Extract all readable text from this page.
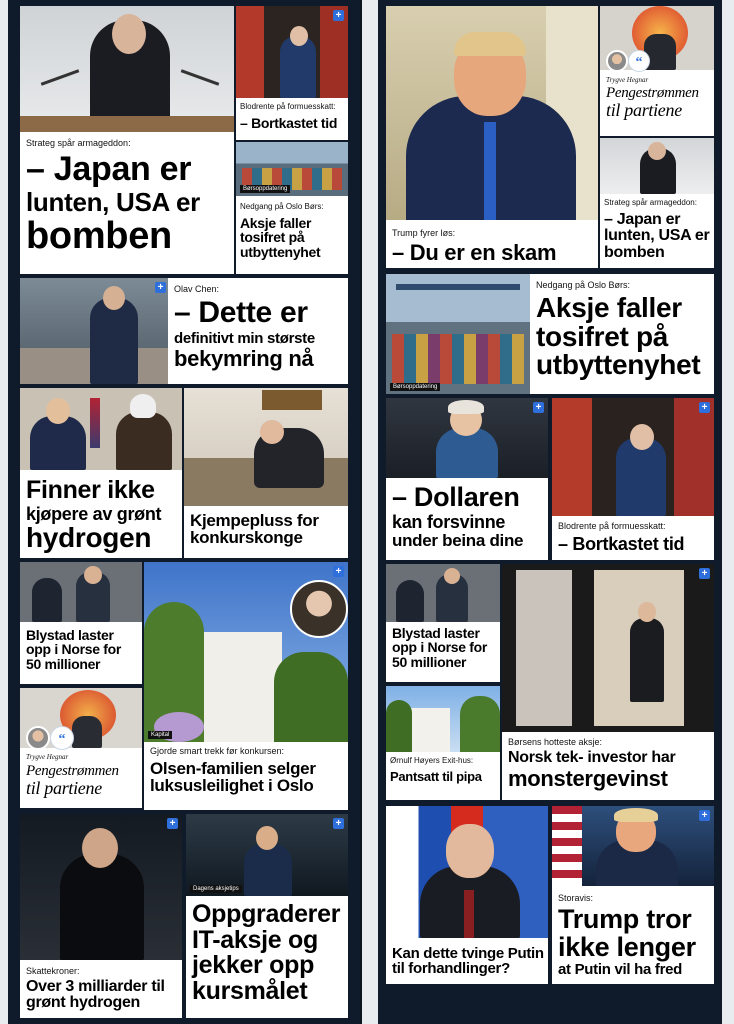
Strateg spår armageddon:
– Japan er
lunten, USA er
bomben
+
Blodrente på formuesskatt:
– Bortkastet tid
Børsoppdatering
Nedgang på Oslo Børs:
Aksje faller tosifret på utbyttenyhet
+ Olav Chen:
– Dette er
definitivt min største
bekymring nå
Finner ikke
kjøpere av grønt
hydrogen
Kjempepluss for konkurskonge
Blystad laster opp i Norse for 50 millioner
Kapital
+
Gjorde smart trekk før konkursen:
Olsen-familien selger luksusleilighet i Oslo
“
Trygve Hegnar
Pengestrømmen
til partiene
+
Skattekroner:
Over 3 milliarder til grønt hydrogen
Dagens aksjetips
+
Oppgraderer IT-aksje og jekker opp kursmålet
Trump fyrer løs:
– Du er en skam
“
Trygve Hegnar
Pengestrømmen
til partiene
Strateg spår armageddon:
– Japan er lunten, USA er bomben
Børsoppdatering
Nedgang på Oslo Børs:
Aksje faller tosifret på utbyttenyhet
+
– Dollaren
kan forsvinne
under beina dine
+
Blodrente på formuesskatt:
– Bortkastet tid
Blystad laster opp i Norse for 50 millioner
Ørnulf Høyers Exit-hus:
Pantsatt til pipa
+
Børsens hotteste aksje:
Norsk tek- investor har
monstergevinst
Kan dette tvinge Putin til forhandlinger?
+
Storavis:
Trump tror
ikke lenger
at Putin vil ha fred
